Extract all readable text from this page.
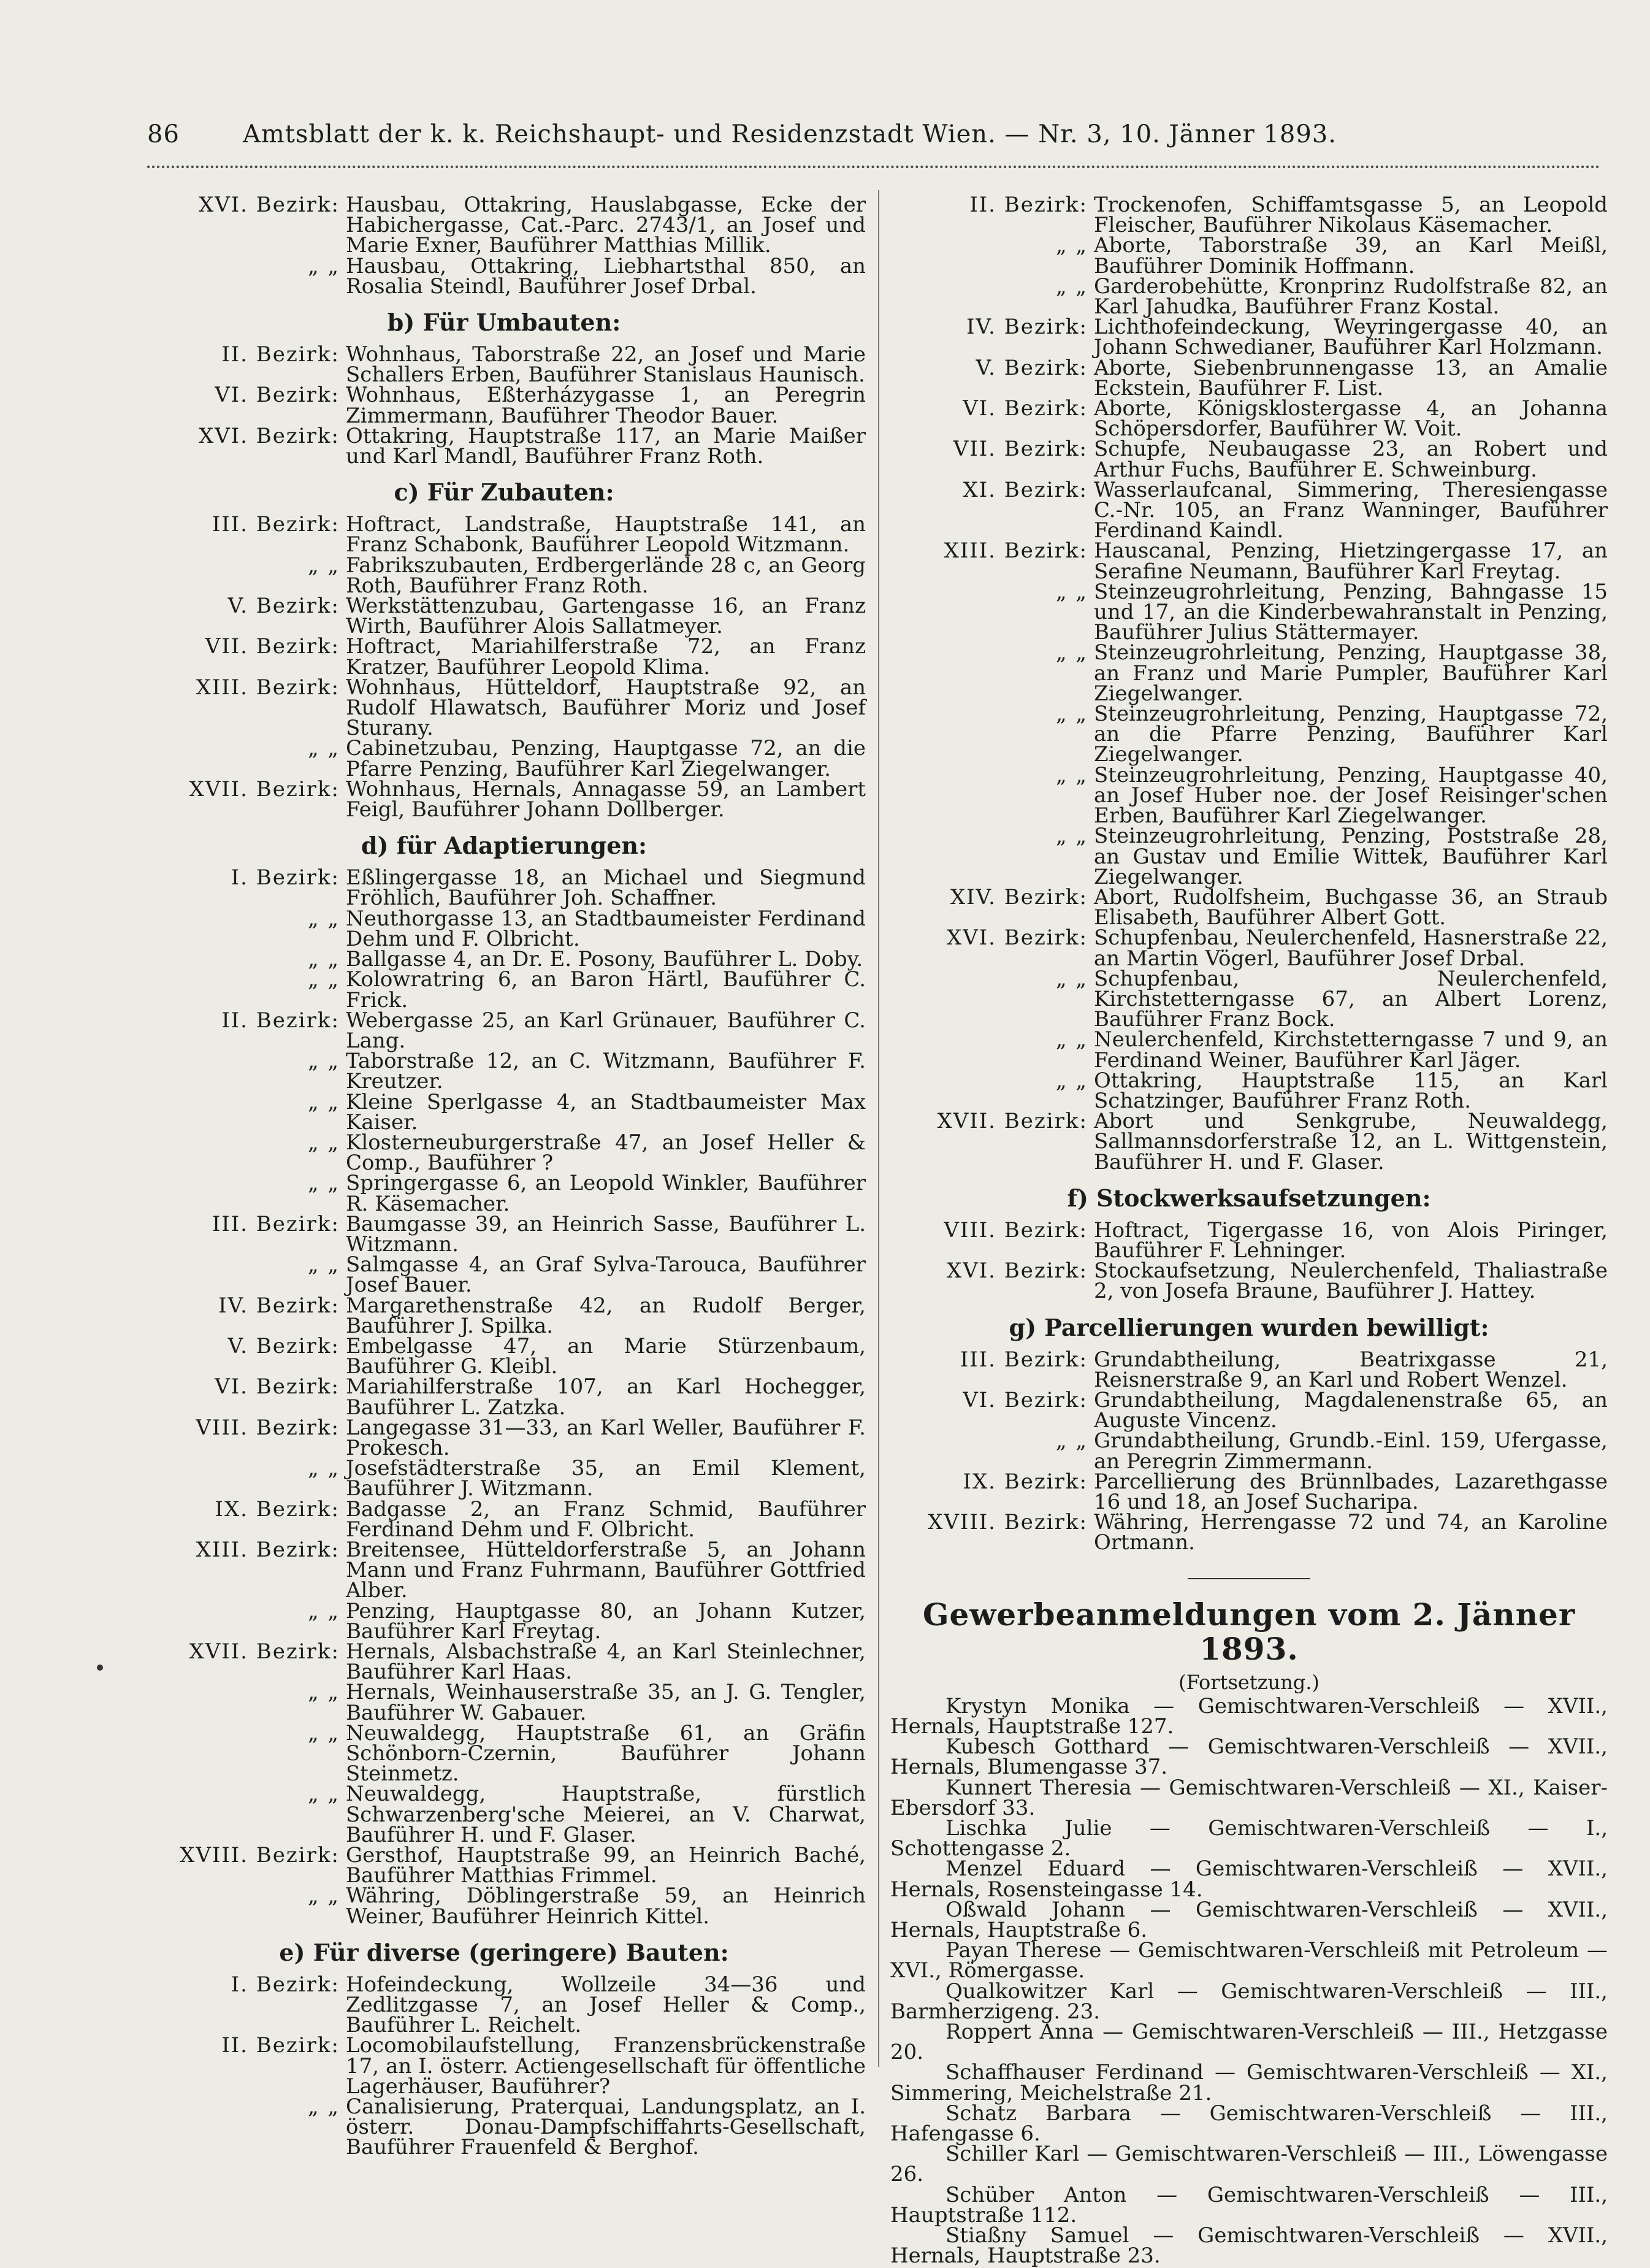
86	Amtsblatt der k. k. Reichshaupt- und Residenzstadt Wien. — Nr. 3, 10. Jänner 1893.
XVI. Bezirk: Hausbau, Ottakring, Hauslabgasse, Ecke der Habichergasse, Cat.-Parc. 2743/1, an Josef und Marie Exner, Bauführer Matthias Millik.
„ „ Hausbau, Ottakring, Liebhartsthal 850, an Rosalia Steindl, Bauführer Josef Drbal.
b) Für Umbauten:
II. Bezirk: Wohnhaus, Taborstraße 22, an Josef und Marie Schallers Erben, Bauführer Stanislaus Haunisch.
VI. Bezirk: Wohnhaus, Eßterházygasse 1, an Peregrin Zimmermann, Bauführer Theodor Bauer.
XVI. Bezirk: Ottakring, Hauptstraße 117, an Marie Maißer und Karl Mandl, Bauführer Franz Roth.
c) Für Zubauten:
III. Bezirk: Hoftract, Landstraße, Hauptstraße 141, an Franz Schabonk, Bauführer Leopold Witzmann.
„ „ Fabrikszubauten, Erdbergerlände 28 c, an Georg Roth, Bauführer Franz Roth.
V. Bezirk: Werkstättenzubau, Gartengasse 16, an Franz Wirth, Bauführer Alois Sallatmeyer.
VII. Bezirk: Hoftract, Mariahilferstraße 72, an Franz Kratzer, Bauführer Leopold Klima.
XIII. Bezirk: Wohnhaus, Hütteldorf, Hauptstraße 92, an Rudolf Hlawatsch, Bauführer Moriz und Josef Sturany.
„ „ Cabinetzubau, Penzing, Hauptgasse 72, an die Pfarre Penzing, Bauführer Karl Ziegelwanger.
XVII. Bezirk: Wohnhaus, Hernals, Annagasse 59, an Lambert Feigl, Bauführer Johann Dollberger.
d) für Adaptierungen:
I. Bezirk: Eßlingergasse 18, an Michael und Siegmund Fröhlich, Bauführer Joh. Schaffner.
„ „ Neuthorgasse 13, an Stadtbaumeister Ferdinand Dehm und F. Olbricht.
„ „ Ballgasse 4, an Dr. E. Posony, Bauführer L. Doby.
„ „ Kolowratring 6, an Baron Härtl, Bauführer C. Frick.
II. Bezirk: Webergasse 25, an Karl Grünauer, Bauführer C. Lang.
„ „ Taborstraße 12, an C. Witzmann, Bauführer F. Kreutzer.
„ „ Kleine Sperlgasse 4, an Stadtbaumeister Max Kaiser.
„ „ Klosterneuburgerstraße 47, an Josef Heller & Comp., Bauführer ?
„ „ Springergasse 6, an Leopold Winkler, Bauführer R. Käsemacher.
III. Bezirk: Baumgasse 39, an Heinrich Sasse, Bauführer L. Witzmann.
„ „ Salmgasse 4, an Graf Sylva-Tarouca, Bauführer Josef Bauer.
IV. Bezirk: Margarethenstraße 42, an Rudolf Berger, Bauführer J. Spilka.
V. Bezirk: Embelgasse 47, an Marie Stürzenbaum, Bauführer G. Kleibl.
VI. Bezirk: Mariahilferstraße 107, an Karl Hochegger, Bauführer L. Zatzka.
VIII. Bezirk: Langegasse 31—33, an Karl Weller, Bauführer F. Prokesch.
„ „ Josefstädterstraße 35, an Emil Klement, Bauführer J. Witzmann.
IX. Bezirk: Badgasse 2, an Franz Schmid, Bauführer Ferdinand Dehm und F. Olbricht.
XIII. Bezirk: Breitensee, Hütteldorferstraße 5, an Johann Mann und Franz Fuhrmann, Bauführer Gottfried Alber.
„ „ Penzing, Hauptgasse 80, an Johann Kutzer, Bauführer Karl Freytag.
XVII. Bezirk: Hernals, Alsbachstraße 4, an Karl Steinlechner, Bauführer Karl Haas.
„ „ Hernals, Weinhauserstraße 35, an J. G. Tengler, Bauführer W. Gabauer.
„ „ Neuwaldegg, Hauptstraße 61, an Gräfin Schönborn-Czernin, Bauführer Johann Steinmetz.
„ „ Neuwaldegg, Hauptstraße, fürstlich Schwarzenberg'sche Meierei, an V. Charwat, Bauführer H. und F. Glaser.
XVIII. Bezirk: Gersthof, Hauptstraße 99, an Heinrich Baché, Bauführer Matthias Frimmel.
„ „ Währing, Döblingerstraße 59, an Heinrich Weiner, Bauführer Heinrich Kittel.
e) Für diverse (geringere) Bauten:
I. Bezirk: Hofeindeckung, Wollzeile 34—36 und Zedlitzgasse 7, an Josef Heller & Comp., Bauführer L. Reichelt.
II. Bezirk: Locomobilaufstellung, Franzensbrückenstraße 17, an I. österr. Actiengesellschaft für öffentliche Lagerhäuser, Bauführer?
„ „ Canalisierung, Praterquai, Landungsplatz, an I. österr. Donau-Dampfschiffahrts-Gesellschaft, Bauführer Frauenfeld & Berghof.
II. Bezirk: Trockenofen, Schiffamtsgasse 5, an Leopold Fleischer, Bauführer Nikolaus Käsemacher.
„ „ Aborte, Taborstraße 39, an Karl Meißl, Bauführer Dominik Hoffmann.
„ „ Garderobehütte, Kronprinz Rudolfstraße 82, an Karl Jahudka, Bauführer Franz Kostal.
IV. Bezirk: Lichthofeindeckung, Weyringergasse 40, an Johann Schwedianer, Bauführer Karl Holzmann.
V. Bezirk: Aborte, Siebenbrunnengasse 13, an Amalie Eckstein, Bauführer F. List.
VI. Bezirk: Aborte, Königsklostergasse 4, an Johanna Schöpersdorfer, Bauführer W. Voit.
VII. Bezirk: Schupfe, Neubaugasse 23, an Robert und Arthur Fuchs, Bauführer E. Schweinburg.
XI. Bezirk: Wasserlaufcanal, Simmering, Theresiengasse C.-Nr. 105, an Franz Wanninger, Bauführer Ferdinand Kaindl.
XIII. Bezirk: Hauscanal, Penzing, Hietzingergasse 17, an Serafine Neumann, Bauführer Karl Freytag.
„ „ Steinzeugrohrleitung, Penzing, Bahngasse 15 und 17, an die Kinderbewahranstalt in Penzing, Bauführer Julius Stättermayer.
„ „ Steinzeugrohrleitung, Penzing, Hauptgasse 38, an Franz und Marie Pumpler, Bauführer Karl Ziegelwanger.
„ „ Steinzeugrohrleitung, Penzing, Hauptgasse 72, an die Pfarre Penzing, Bauführer Karl Ziegelwanger.
„ „ Steinzeugrohrleitung, Penzing, Hauptgasse 40, an Josef Huber noe. der Josef Reisinger'schen Erben, Bauführer Karl Ziegelwanger.
„ „ Steinzeugrohrleitung, Penzing, Poststraße 28, an Gustav und Emilie Wittek, Bauführer Karl Ziegelwanger.
XIV. Bezirk: Abort, Rudolfsheim, Buchgasse 36, an Straub Elisabeth, Bauführer Albert Gott.
XVI. Bezirk: Schupfenbau, Neulerchenfeld, Hasnerstraße 22, an Martin Vögerl, Bauführer Josef Drbal.
„ „ Schupfenbau, Neulerchenfeld, Kirchstetterngasse 67, an Albert Lorenz, Bauführer Franz Bock.
„ „ Neulerchenfeld, Kirchstetterngasse 7 und 9, an Ferdinand Weiner, Bauführer Karl Jäger.
„ „ Ottakring, Hauptstraße 115, an Karl Schatzinger, Bauführer Franz Roth.
XVII. Bezirk: Abort und Senkgrube, Neuwaldegg, Sallmannsdorferstraße 12, an L. Wittgenstein, Bauführer H. und F. Glaser.
f) Stockwerksaufsetzungen:
VIII. Bezirk: Hoftract, Tigergasse 16, von Alois Piringer, Bauführer F. Lehninger.
XVI. Bezirk: Stockaufsetzung, Neulerchenfeld, Thaliastraße 2, von Josefa Braune, Bauführer J. Hattey.
g) Parcellierungen wurden bewilligt:
III. Bezirk: Grundabtheilung, Beatrixgasse 21, Reisnerstraße 9, an Karl und Robert Wenzel.
VI. Bezirk: Grundabtheilung, Magdalenenstraße 65, an Auguste Vincenz.
„ „ Grundabtheilung, Grundb.-Einl. 159, Ufergasse, an Peregrin Zimmermann.
IX. Bezirk: Parcellierung des Brünnlbades, Lazarethgasse 16 und 18, an Josef Sucharipa.
XVIII. Bezirk: Währing, Herrengasse 72 und 74, an Karoline Ortmann.
Gewerbeanmeldungen vom 2. Jänner 1893.
(Fortsetzung.)
Krystyn Monika — Gemischtwaren-Verschleiß — XVII., Hernals, Hauptstraße 127.
Kubesch Gotthard — Gemischtwaren-Verschleiß — XVII., Hernals, Blumengasse 37.
Kunnert Theresia — Gemischtwaren-Verschleiß — XI., Kaiser-Ebersdorf 33.
Lischka Julie — Gemischtwaren-Verschleiß — I., Schottengasse 2.
Menzel Eduard — Gemischtwaren-Verschleiß — XVII., Hernals, Rosensteingasse 14.
Oßwald Johann — Gemischtwaren-Verschleiß — XVII., Hernals, Hauptstraße 6.
Payan Therese — Gemischtwaren-Verschleiß mit Petroleum — XVI., Römergasse.
Qualkowitzer Karl — Gemischtwaren-Verschleiß — III., Barmherzigeng. 23.
Roppert Anna — Gemischtwaren-Verschleiß — III., Hetzgasse 20.
Schaffhauser Ferdinand — Gemischtwaren-Verschleiß — XI., Simmering, Meichelstraße 21.
Schatz Barbara — Gemischtwaren-Verschleiß — III., Hafengasse 6.
Schiller Karl — Gemischtwaren-Verschleiß — III., Löwengasse 26.
Schüber Anton — Gemischtwaren-Verschleiß — III., Hauptstraße 112.
Stiaßny Samuel — Gemischtwaren-Verschleiß — XVII., Hernals, Hauptstraße 23.
